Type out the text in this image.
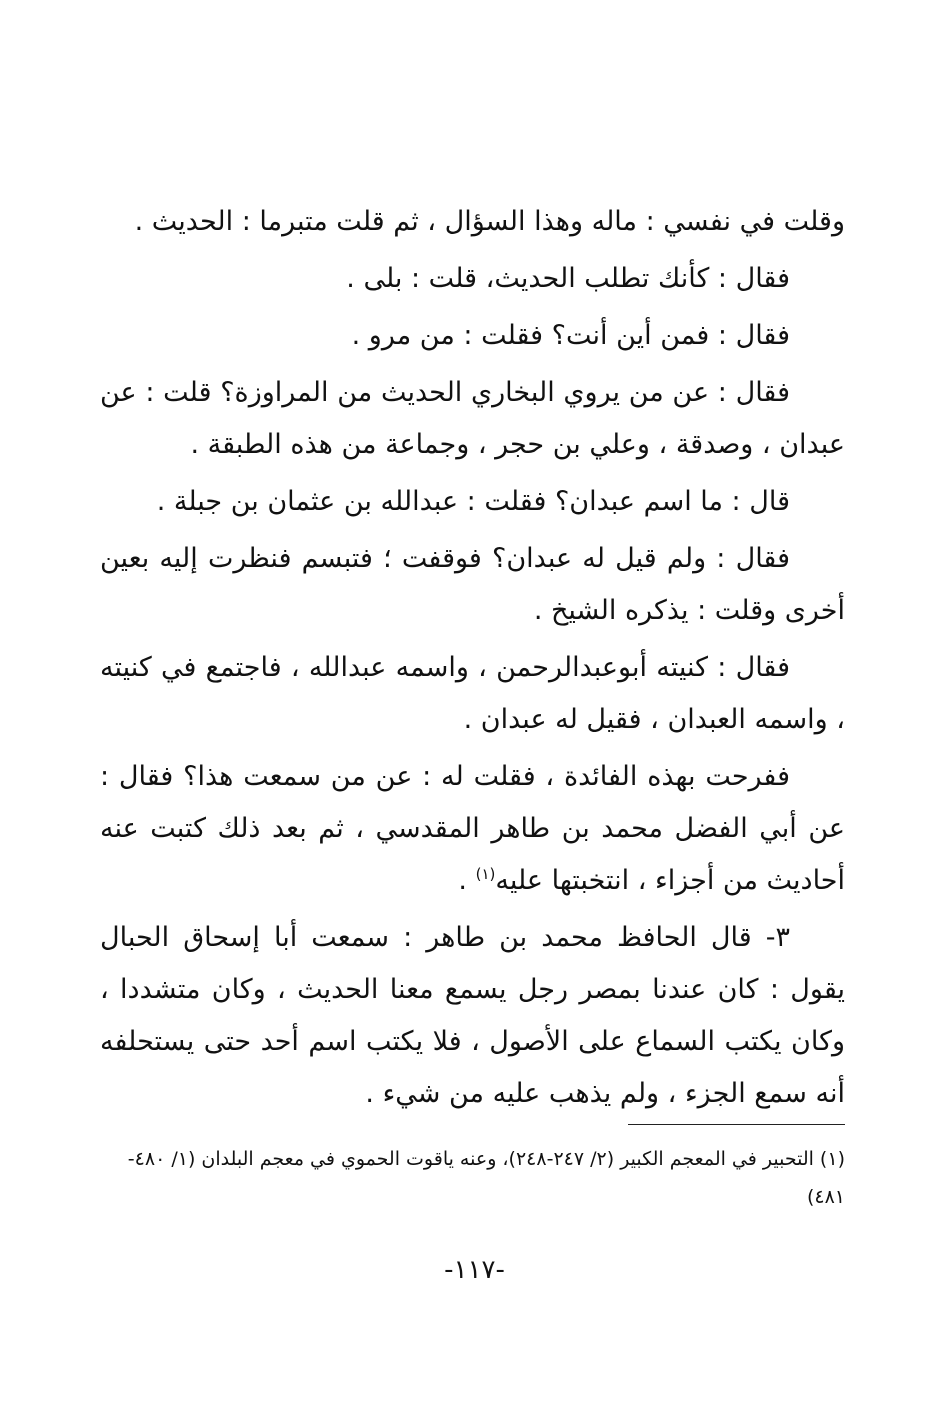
وقلت في نفسي : ماله وهذا السؤال ، ثم قلت متبرما : الحديث .

فقال : كأنك تطلب الحديث، قلت : بلى .

فقال : فمن أين أنت؟ فقلت : من مرو .

فقال : عن من يروي البخاري الحديث من المراوزة؟ قلت : عن عبدان ، وصدقة ، وعلي بن حجر ، وجماعة من هذه الطبقة .

قال : ما اسم عبدان؟ فقلت : عبدالله بن عثمان بن جبلة .

فقال : ولم قيل له عبدان؟ فوقفت ؛ فتبسم فنظرت إليه بعين أخرى وقلت : يذكره الشيخ .

فقال : كنيته أبوعبدالرحمن ، واسمه عبدالله ، فاجتمع في كنيته ، واسمه العبدان ، فقيل له عبدان .

ففرحت بهذه الفائدة ، فقلت له : عن من سمعت هذا؟ فقال : عن أبي الفضل محمد بن طاهر المقدسي ، ثم بعد ذلك كتبت عنه أحاديث من أجزاء ، انتخبتها عليه$^{(١)}$ .

٣- قال الحافظ محمد بن طاهر : سمعت أبا إسحاق الحبال يقول : كان عندنا بمصر رجل يسمع معنا الحديث ، وكان متشددا ، وكان يكتب السماع على الأصول ، فلا يكتب اسم أحد حتى يستحلفه أنه سمع الجزء ، ولم يذهب عليه من شيء .

(١) التحبير في المعجم الكبير (٢/ ٢٤٧-٢٤٨)، وعنه ياقوت الحموي في معجم البلدان (١/ ٤٨٠- ٤٨١)
-١١٧-
